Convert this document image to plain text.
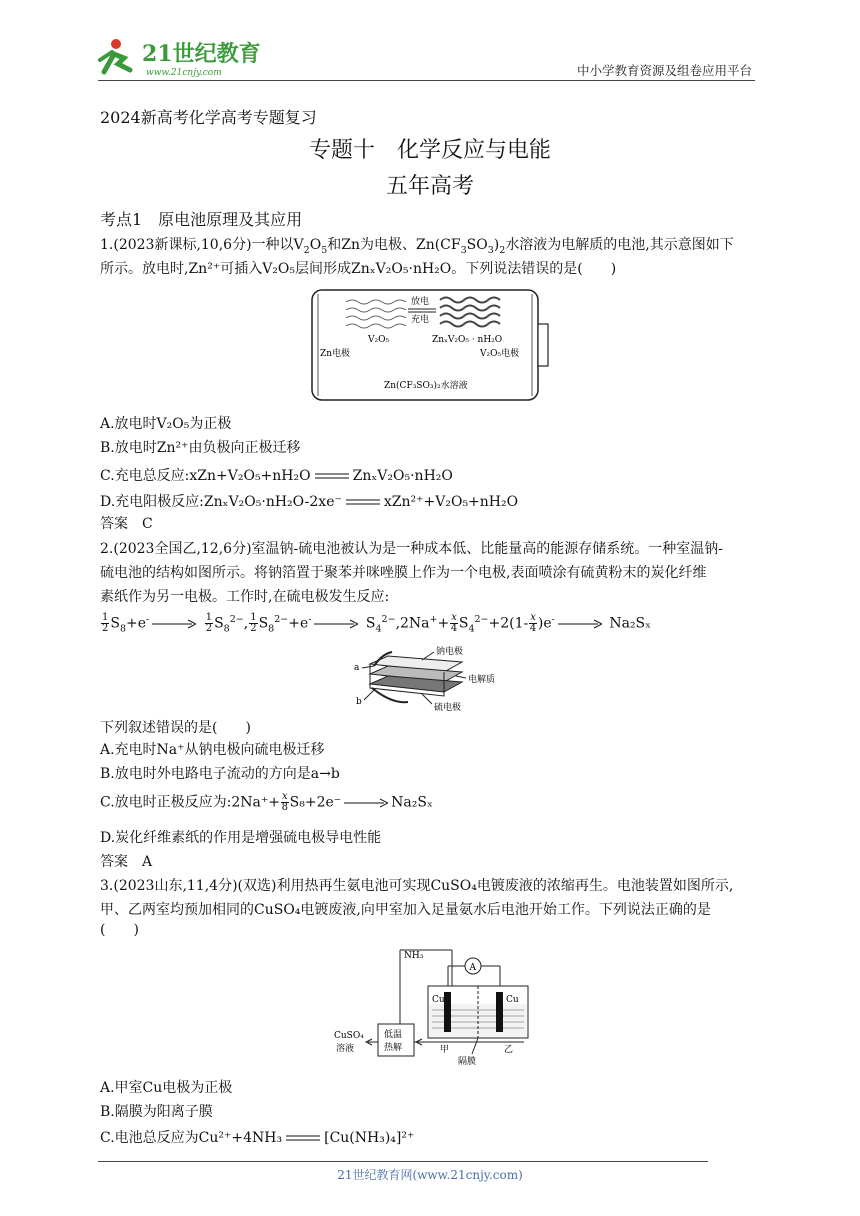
21世纪教育
www.21cnjy.com	中小学教育资源及组卷应用平台
2024新高考化学高考专题复习
专题十　化学反应与电能
五年高考
考点1　原电池原理及其应用
1.(2023新课标,10,6分)一种以$V_2O_5$和Zn为电极、$Zn(CF_3SO_3)_2$水溶液为电解质的电池,其示意图如下
所示。放电时,Zn²⁺可插入V₂O₅层间形成ZnₓV₂O₅·nH₂O。下列说法错误的是(　　)
放电
充电
V₂O₅	ZnₓV₂O₅ · nH₂O
Zn电极	V₂O₅电极
Zn(CF₃SO₃)₂水溶液
A.放电时V₂O₅为正极
B.放电时Zn²⁺由负极向正极迁移
C.充电总反应:xZn+V₂O₅+nH₂O	ZnₓV₂O₅·nH₂O
D.充电阳极反应:ZnₓV₂O₅·nH₂O-2xe⁻	xZn²⁺+V₂O₅+nH₂O
答案　C
2.(2023全国乙,12,6分)室温钠-硫电池被认为是一种成本低、比能量高的能源存储系统。一种室温钠-
硫电池的结构如图所示。将钠箔置于聚苯并咪唑膜上作为一个电极,表面喷涂有硫黄粉末的炭化纤维
素纸作为另一电极。工作时,在硫电极发生反应:
$\frac{1}{2} S_8+e^-$	$\frac{1}{2} S_8^{2-}$, $\frac{1}{2} S_8^{2-}+e^-$	$S_4^{2-},2Na^++ \frac{x}{4} S_4^{2-}+2(1- \frac{x}{4} )e^-$	Na₂Sₓ
a
b
钠电极
电解质
硫电极
下列叙述错误的是(　　)
A.充电时Na⁺从钠电极向硫电极迁移
B.放电时外电路电子流动的方向是a→b
C.放电时正极反应为:2Na⁺+ $\frac{x}{8} S_8+2e^-$	Na₂Sₓ
D.炭化纤维素纸的作用是增强硫电极导电性能
答案　A
3.(2023山东,11,4分)(双选)利用热再生氨电池可实现CuSO₄电镀废液的浓缩再生。电池装置如图所示,
甲、乙两室均预加相同的CuSO₄电镀废液,向甲室加入足量氨水后电池开始工作。下列说法正确的是
(　　)
NH₃
A
Cu	Cu
低温
热解
CuSO₄
溶液	甲	乙
隔膜
A.甲室Cu电极为正极
B.隔膜为阳离子膜
C.电池总反应为Cu²⁺+4NH₃	[Cu(NH₃)₄]²⁺
21世纪教育网(www.21cnjy.com)
